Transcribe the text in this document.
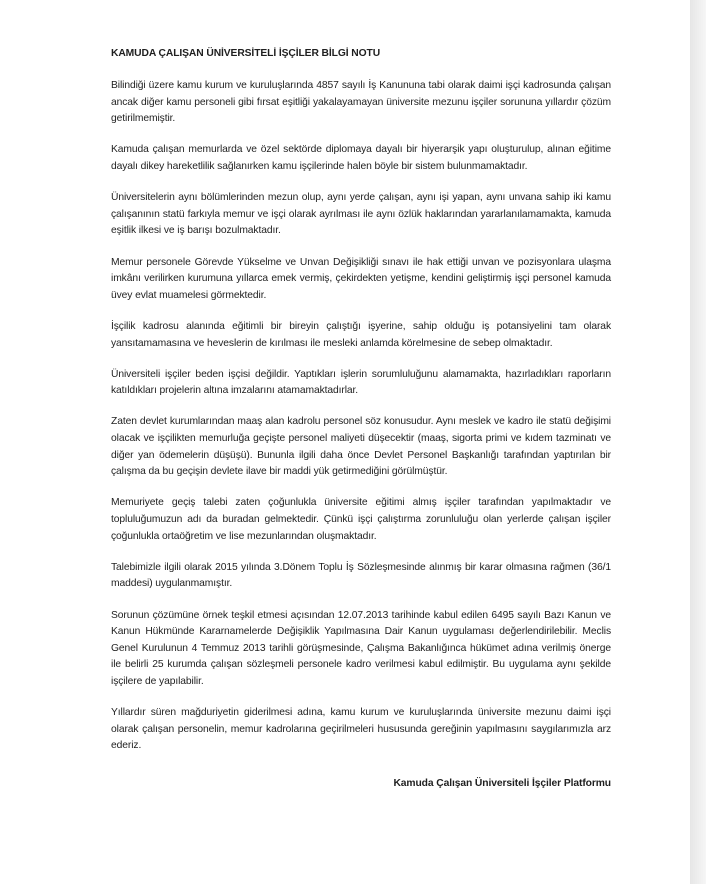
KAMUDA ÇALIŞAN ÜNİVERSİTELİ İŞÇİLER BİLGİ NOTU

Bilindiği üzere kamu kurum ve kuruluşlarında 4857 sayılı İş Kanununa tabi olarak daimi işçi kadrosunda çalışan ancak diğer kamu personeli gibi fırsat eşitliği yakalayamayan üniversite mezunu işçiler sorununa yıllardır çözüm getirilmemiştir.

Kamuda çalışan memurlarda ve özel sektörde diplomaya dayalı bir hiyerarşik yapı oluşturulup, alınan eğitime dayalı dikey hareketlilik sağlanırken kamu işçilerinde halen böyle bir sistem bulunmamaktadır.

Üniversitelerin aynı bölümlerinden mezun olup, aynı yerde çalışan, aynı işi yapan, aynı unvana sahip iki kamu çalışanının statü farkıyla memur ve işçi olarak ayrılması ile aynı özlük haklarından yararlanılamamakta, kamuda eşitlik ilkesi ve iş barışı bozulmaktadır.

Memur personele Görevde Yükselme ve Unvan Değişikliği sınavı ile hak ettiği unvan ve pozisyonlara ulaşma imkânı verilirken kurumuna yıllarca emek vermiş, çekirdekten yetişme, kendini geliştirmiş işçi personel kamuda üvey evlat muamelesi görmektedir.

İşçilik kadrosu alanında eğitimli bir bireyin çalıştığı işyerine, sahip olduğu iş potansiyelini tam olarak yansıtamamasına ve heveslerin de kırılması ile mesleki anlamda körelmesine de sebep olmaktadır.

Üniversiteli işçiler beden işçisi değildir. Yaptıkları işlerin sorumluluğunu alamamakta, hazırladıkları raporların katıldıkları projelerin altına imzalarını atamamaktadırlar.

Zaten devlet kurumlarından maaş alan kadrolu personel söz konusudur. Aynı meslek ve kadro ile statü değişimi olacak ve işçilikten memurluğa geçişte personel maliyeti düşecektir (maaş, sigorta primi ve kıdem tazminatı ve diğer yan ödemelerin düşüşü). Bununla ilgili daha önce Devlet Personel Başkanlığı tarafından yaptırılan bir çalışma da bu geçişin devlete ilave bir maddi yük getirmediğini görülmüştür.

Memuriyete geçiş talebi zaten çoğunlukla üniversite eğitimi almış işçiler tarafından yapılmaktadır ve topluluğumuzun adı da buradan gelmektedir. Çünkü işçi çalıştırma zorunluluğu olan yerlerde çalışan işçiler çoğunlukla ortaöğretim ve lise mezunlarından oluşmaktadır.

Talebimizle ilgili olarak 2015 yılında 3.Dönem Toplu İş Sözleşmesinde alınmış bir karar olmasına rağmen (36/1 maddesi) uygulanmamıştır.

Sorunun çözümüne örnek teşkil etmesi açısından 12.07.2013 tarihinde kabul edilen 6495 sayılı Bazı Kanun ve Kanun Hükmünde Kararnamelerde Değişiklik Yapılmasına Dair Kanun uygulaması değerlendirilebilir. Meclis Genel Kurulunun 4 Temmuz 2013 tarihli görüşmesinde, Çalışma Bakanlığınca hükümet adına verilmiş önerge ile belirli 25 kurumda çalışan sözleşmeli personele kadro verilmesi kabul edilmiştir. Bu uygulama aynı şekilde işçilere de yapılabilir.

Yıllardır süren mağduriyetin giderilmesi adına, kamu kurum ve kuruluşlarında üniversite mezunu daimi işçi olarak çalışan personelin, memur kadrolarına geçirilmeleri hususunda gereğinin yapılmasını saygılarımızla arz ederiz.

Kamuda Çalışan Üniversiteli İşçiler Platformu
